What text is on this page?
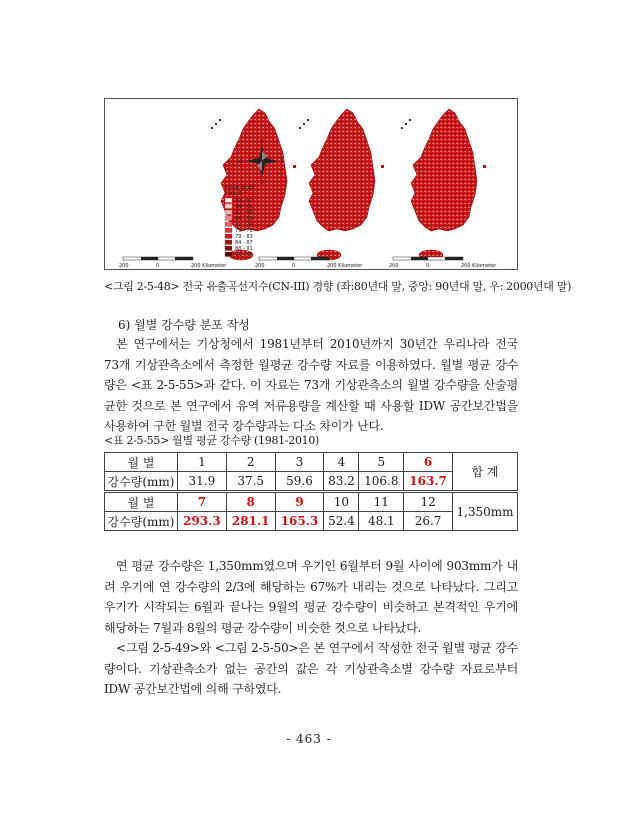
N
S
E
W
Korea_si_do
CN3_3
53 - 57
58 - 61
62 - 65
66 - 70
71 - 74
75 - 78
79 - 83
84 - 87
88 - 91
92 - 96
200	0	200 Kilometer	200	0	200 Kilometer	200	0	200 Kilometer
<그림 2-5-48> 전국 유출곡선지수(CN-III) 경향 (좌:80년대 말, 중앙: 90년대 말, 우: 2000년대 말)
6) 월별 강수량 분포 작성

본 연구에서는 기상청에서 1981년부터 2010년까지 30년간 우리나라 전국 73개 기상관측소에서 측정한 월평균 강수량 자료를 이용하였다. 월별 평균 강수량은 <표 2-5-55>과 같다. 이 자료는 73개 기상관측소의 월별 강수량을 산술평균한 것으로 본 연구에서 유역 저류용량을 계산할 때 사용할 IDW 공간보간법을 사용하여 구한 월별 전국 강수량과는 다소 차이가 난다.

<표 2-5-55> 월별 평균 강수량 (1981-2010)
월 별	1	2	3	4	5	6	합 계
강수량(mm)	31.9	37.5	59.6	83.2	106.8	163.7	
월 별	7	8	9	10	11	12	1,350mm
강수량(mm)	293.3	281.1	165.3	52.4	48.1	26.7	

연 평균 강수량은 1,350mm였으며 우기인 6월부터 9월 사이에 903mm가 내려 우기에 연 강수량의 2/3에 해당하는 67%가 내리는 것으로 나타났다. 그리고 우기가 시작되는 6월과 끝나는 9월의 평균 강수량이 비슷하고 본격적인 우기에 해당하는 7월과 8월의 평균 강수량이 비슷한 것으로 나타났다.

<그림 2-5-49>와 <그림 2-5-50>은 본 연구에서 작성한 전국 월별 평균 강수량이다. 기상관측소가 없는 공간의 값은 각 기상관측소별 강수량 자료로부터 IDW 공간보간법에 의해 구하였다.

- 463 -
